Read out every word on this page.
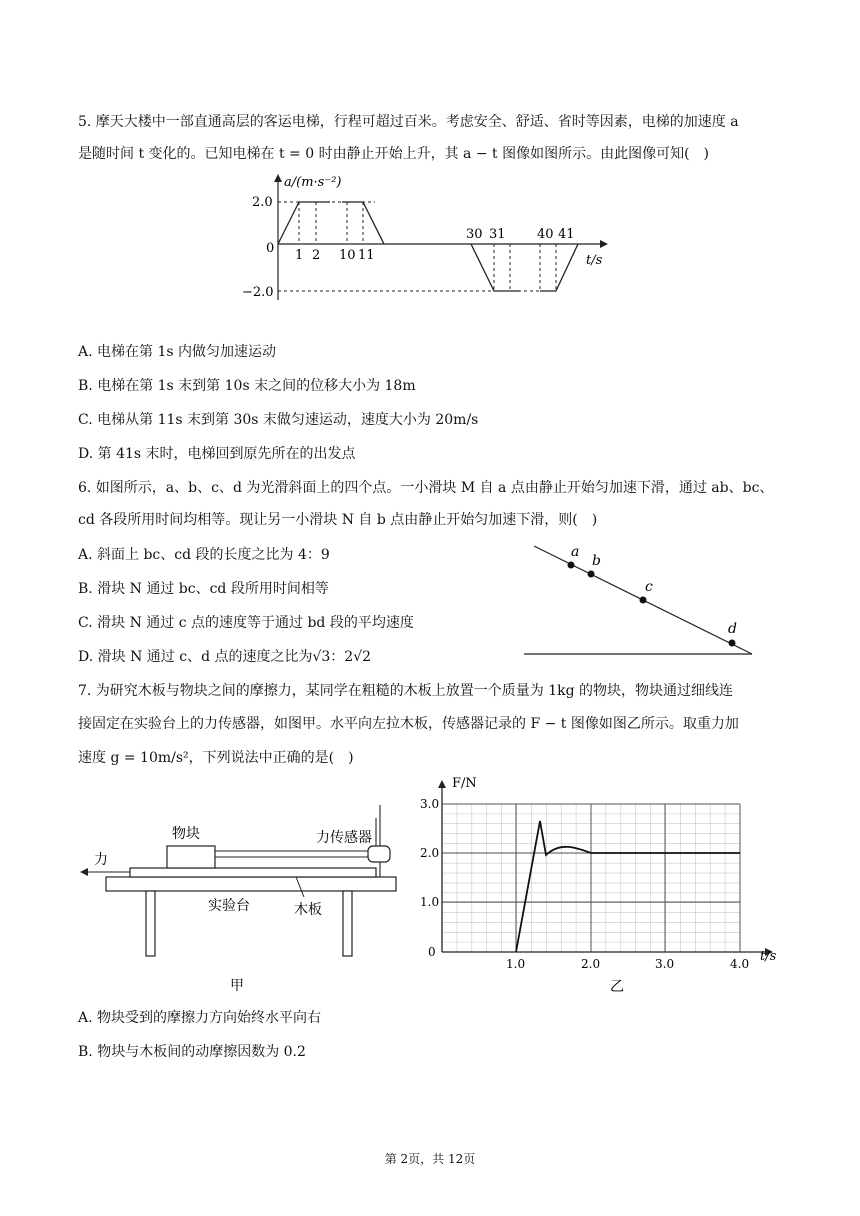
5. 摩天大楼中一部直通高层的客运电梯，行程可超过百米。考虑安全、舒适、省时等因素，电梯的加速度 a
是随时间 t 变化的。已知电梯在 t = 0 时由静止开始上升，其 a − t 图像如图所示。由此图像可知(　)
a/(m·s⁻²)
t/s
2.0
0
−2.0
1 2 10 11
30 31 40 41
A. 电梯在第 1s 内做匀加速运动
B. 电梯在第 1s 末到第 10s 末之间的位移大小为 18m
C. 电梯从第 11s 末到第 30s 末做匀速运动，速度大小为 20m/s
D. 第 41s 末时，电梯回到原先所在的出发点
6. 如图所示，a、b、c、d 为光滑斜面上的四个点。一小滑块 M 自 a 点由静止开始匀加速下滑，通过 ab、bc、
cd 各段所用时间均相等。现让另一小滑块 N 自 b 点由静止开始匀加速下滑，则(　)
A. 斜面上 bc、cd 段的长度之比为 4：9
B. 滑块 N 通过 bc、cd 段所用时间相等
C. 滑块 N 通过 c 点的速度等于通过 bd 段的平均速度
D. 滑块 N 通过 c、d 点的速度之比为√3：2√2
a
b
c
d
7. 为研究木板与物块之间的摩擦力，某同学在粗糙的木板上放置一个质量为 1kg 的物块，物块通过细线连
接固定在实验台上的力传感器，如图甲。水平向左拉木板，传感器记录的 F − t 图像如图乙所示。取重力加
速度 g = 10m/s²，下列说法中正确的是(　)
物块	力传感器
力
实验台	木板
甲
F/N
t/s
0
1.0
2.0
3.0
1.0	2.0	3.0	4.0
乙
A. 物块受到的摩擦力方向始终水平向右
B. 物块与木板间的动摩擦因数为 0.2
第 2页，共 12页
